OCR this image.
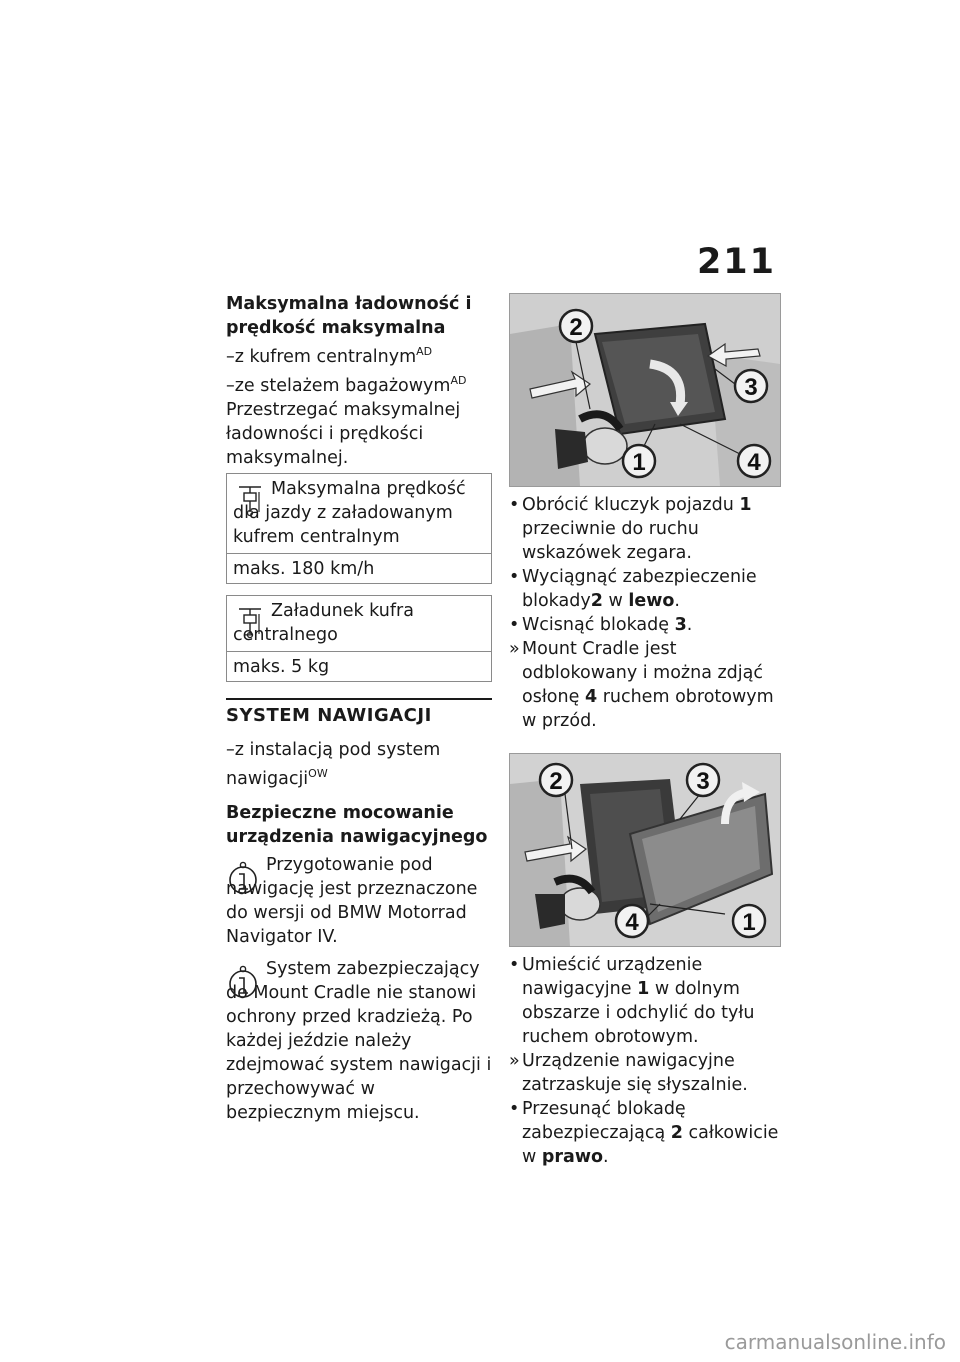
211

Maksymalna ładowność i prędkość maksymalna

–z kufrem centralnym$^{AD}$

–ze stelażem bagażowym$^{AD}$

Przestrzegać maksymalnej ładowności i prędkości maksymalnej.

Maksymalna prędkość dla jazdy z załadowanym kufrem centralnym
maks. 180 km/h
Załadunek kufra centralnego
maks. 5 kg
SYSTEM NAWIGACJI

–z instalacją pod system nawigacji$^{OW}$

Bezpieczne mocowanie urządzenia nawigacyjnego

Przygotowanie pod nawigację jest przeznaczone do wersji od BMW Motorrad Navigator IV.
System zabezpieczający do Mount Cradle nie stanowi ochrony przed kradzieżą. Po każdej jeździe należy zdejmować system nawigacji i przechowywać w bezpiecznym miejscu.
2
3
1	4
• Obrócić kluczyk pojazdu 1 przeciwnie do ruchu wskazówek zegara.
• Wyciągnąć zabezpieczenie blokady2 w lewo.
• Wcisnąć blokadę 3.
» Mount Cradle jest odblokowany i można zdjąć osłonę 4 ruchem obrotowym w przód.
2	3
4	1
• Umieścić urządzenie nawigacyjne 1 w dolnym obszarze i odchylić do tyłu ruchem obrotowym.
» Urządzenie nawigacyjne zatrzaskuje się słyszalnie.
• Przesunąć blokadę zabezpieczającą 2 całkowicie w prawo.
carmanualsonline.info
